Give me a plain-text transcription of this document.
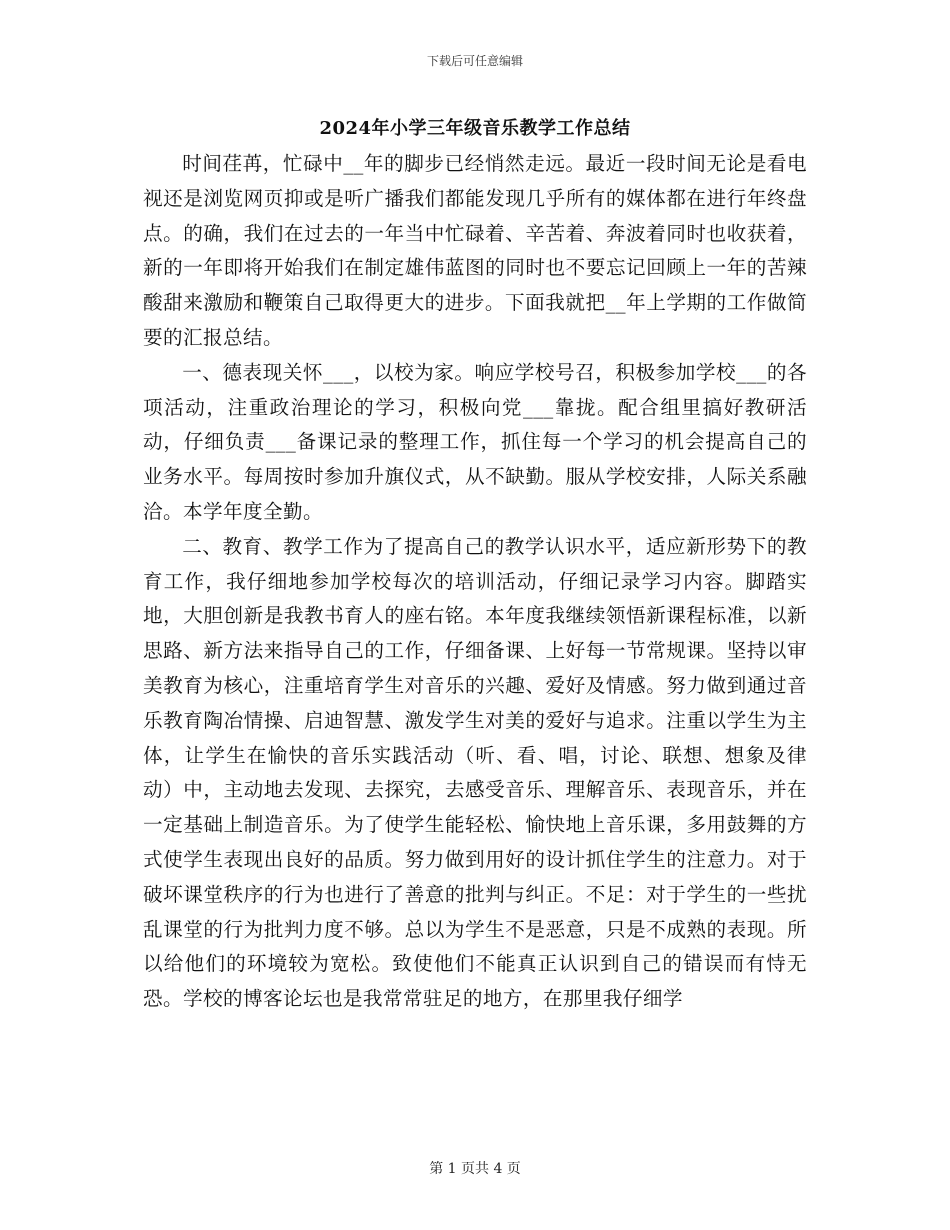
下载后可任意编辑
2024年小学三年级音乐教学工作总结

时间荏苒，忙碌中__年的脚步已经悄然走远。最近一段时间无论是看电视还是浏览网页抑或是听广播我们都能发现几乎所有的媒体都在进行年终盘点。的确，我们在过去的一年当中忙碌着、辛苦着、奔波着同时也收获着，新的一年即将开始我们在制定雄伟蓝图的同时也不要忘记回顾上一年的苦辣酸甜来激励和鞭策自己取得更大的进步。下面我就把__年上学期的工作做简要的汇报总结。

一、德表现关怀___，以校为家。响应学校号召，积极参加学校___的各项活动，注重政治理论的学习，积极向党___靠拢。配合组里搞好教研活动，仔细负责___备课记录的整理工作，抓住每一个学习的机会提高自己的业务水平。每周按时参加升旗仪式，从不缺勤。服从学校安排，人际关系融洽。本学年度全勤。

二、教育、教学工作为了提高自己的教学认识水平，适应新形势下的教育工作，我仔细地参加学校每次的培训活动，仔细记录学习内容。脚踏实地，大胆创新是我教书育人的座右铭。本年度我继续领悟新课程标准，以新思路、新方法来指导自己的工作，仔细备课、上好每一节常规课。坚持以审美教育为核心，注重培育学生对音乐的兴趣、爱好及情感。努力做到通过音乐教育陶冶情操、启迪智慧、激发学生对美的爱好与追求。注重以学生为主体，让学生在愉快的音乐实践活动（听、看、唱，讨论、联想、想象及律动）中，主动地去发现、去探究，去感受音乐、理解音乐、表现音乐，并在一定基础上制造音乐。为了使学生能轻松、愉快地上音乐课，多用鼓舞的方式使学生表现出良好的品质。努力做到用好的设计抓住学生的注意力。对于破坏课堂秩序的行为也进行了善意的批判与纠正。不足：对于学生的一些扰乱课堂的行为批判力度不够。总以为学生不是恶意，只是不成熟的表现。所以给他们的环境较为宽松。致使他们不能真正认识到自己的错误而有恃无恐。学校的博客论坛也是我常常驻足的地方，在那里我仔细学

第 1 页共 4 页
